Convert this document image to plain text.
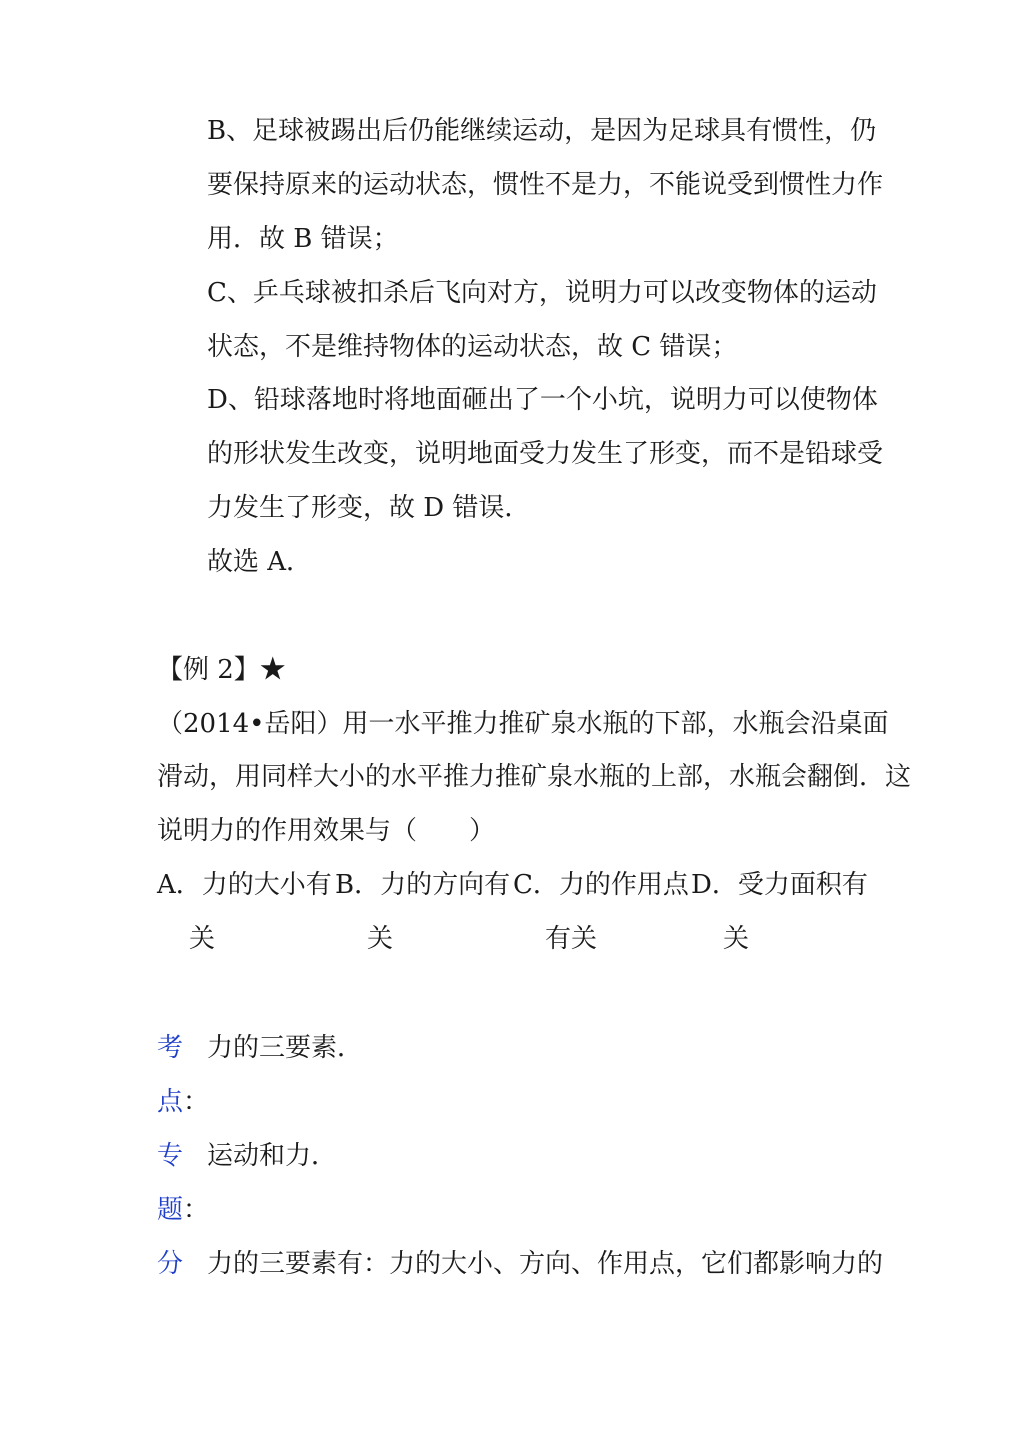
B、足球被踢出后仍能继续运动，是因为足球具有惯性，仍
要保持原来的运动状态，惯性不是力，不能说受到惯性力作
用．故 B 错误；
C、乒乓球被扣杀后飞向对方，说明力可以改变物体的运动
状态，不是维持物体的运动状态，故 C 错误；
D、铅球落地时将地面砸出了一个小坑，说明力可以使物体
的形状发生改变，说明地面受力发生了形变，而不是铅球受
力发生了形变，故 D 错误．
故选 A．
【例 2】★
（2014•岳阳）用一水平推力推矿泉水瓶的下部，水瓶会沿桌面
滑动，用同样大小的水平推力推矿泉水瓶的上部，水瓶会翻倒．这
说明力的作用效果与（　　）
A．力的大小有
关
B．力的方向有
关
C．力的作用点
有关
D．受力面积有
关
考 力的三要素．
点：
专 运动和力．
题：
分 力的三要素有：力的大小、方向、作用点，它们都影响力的
